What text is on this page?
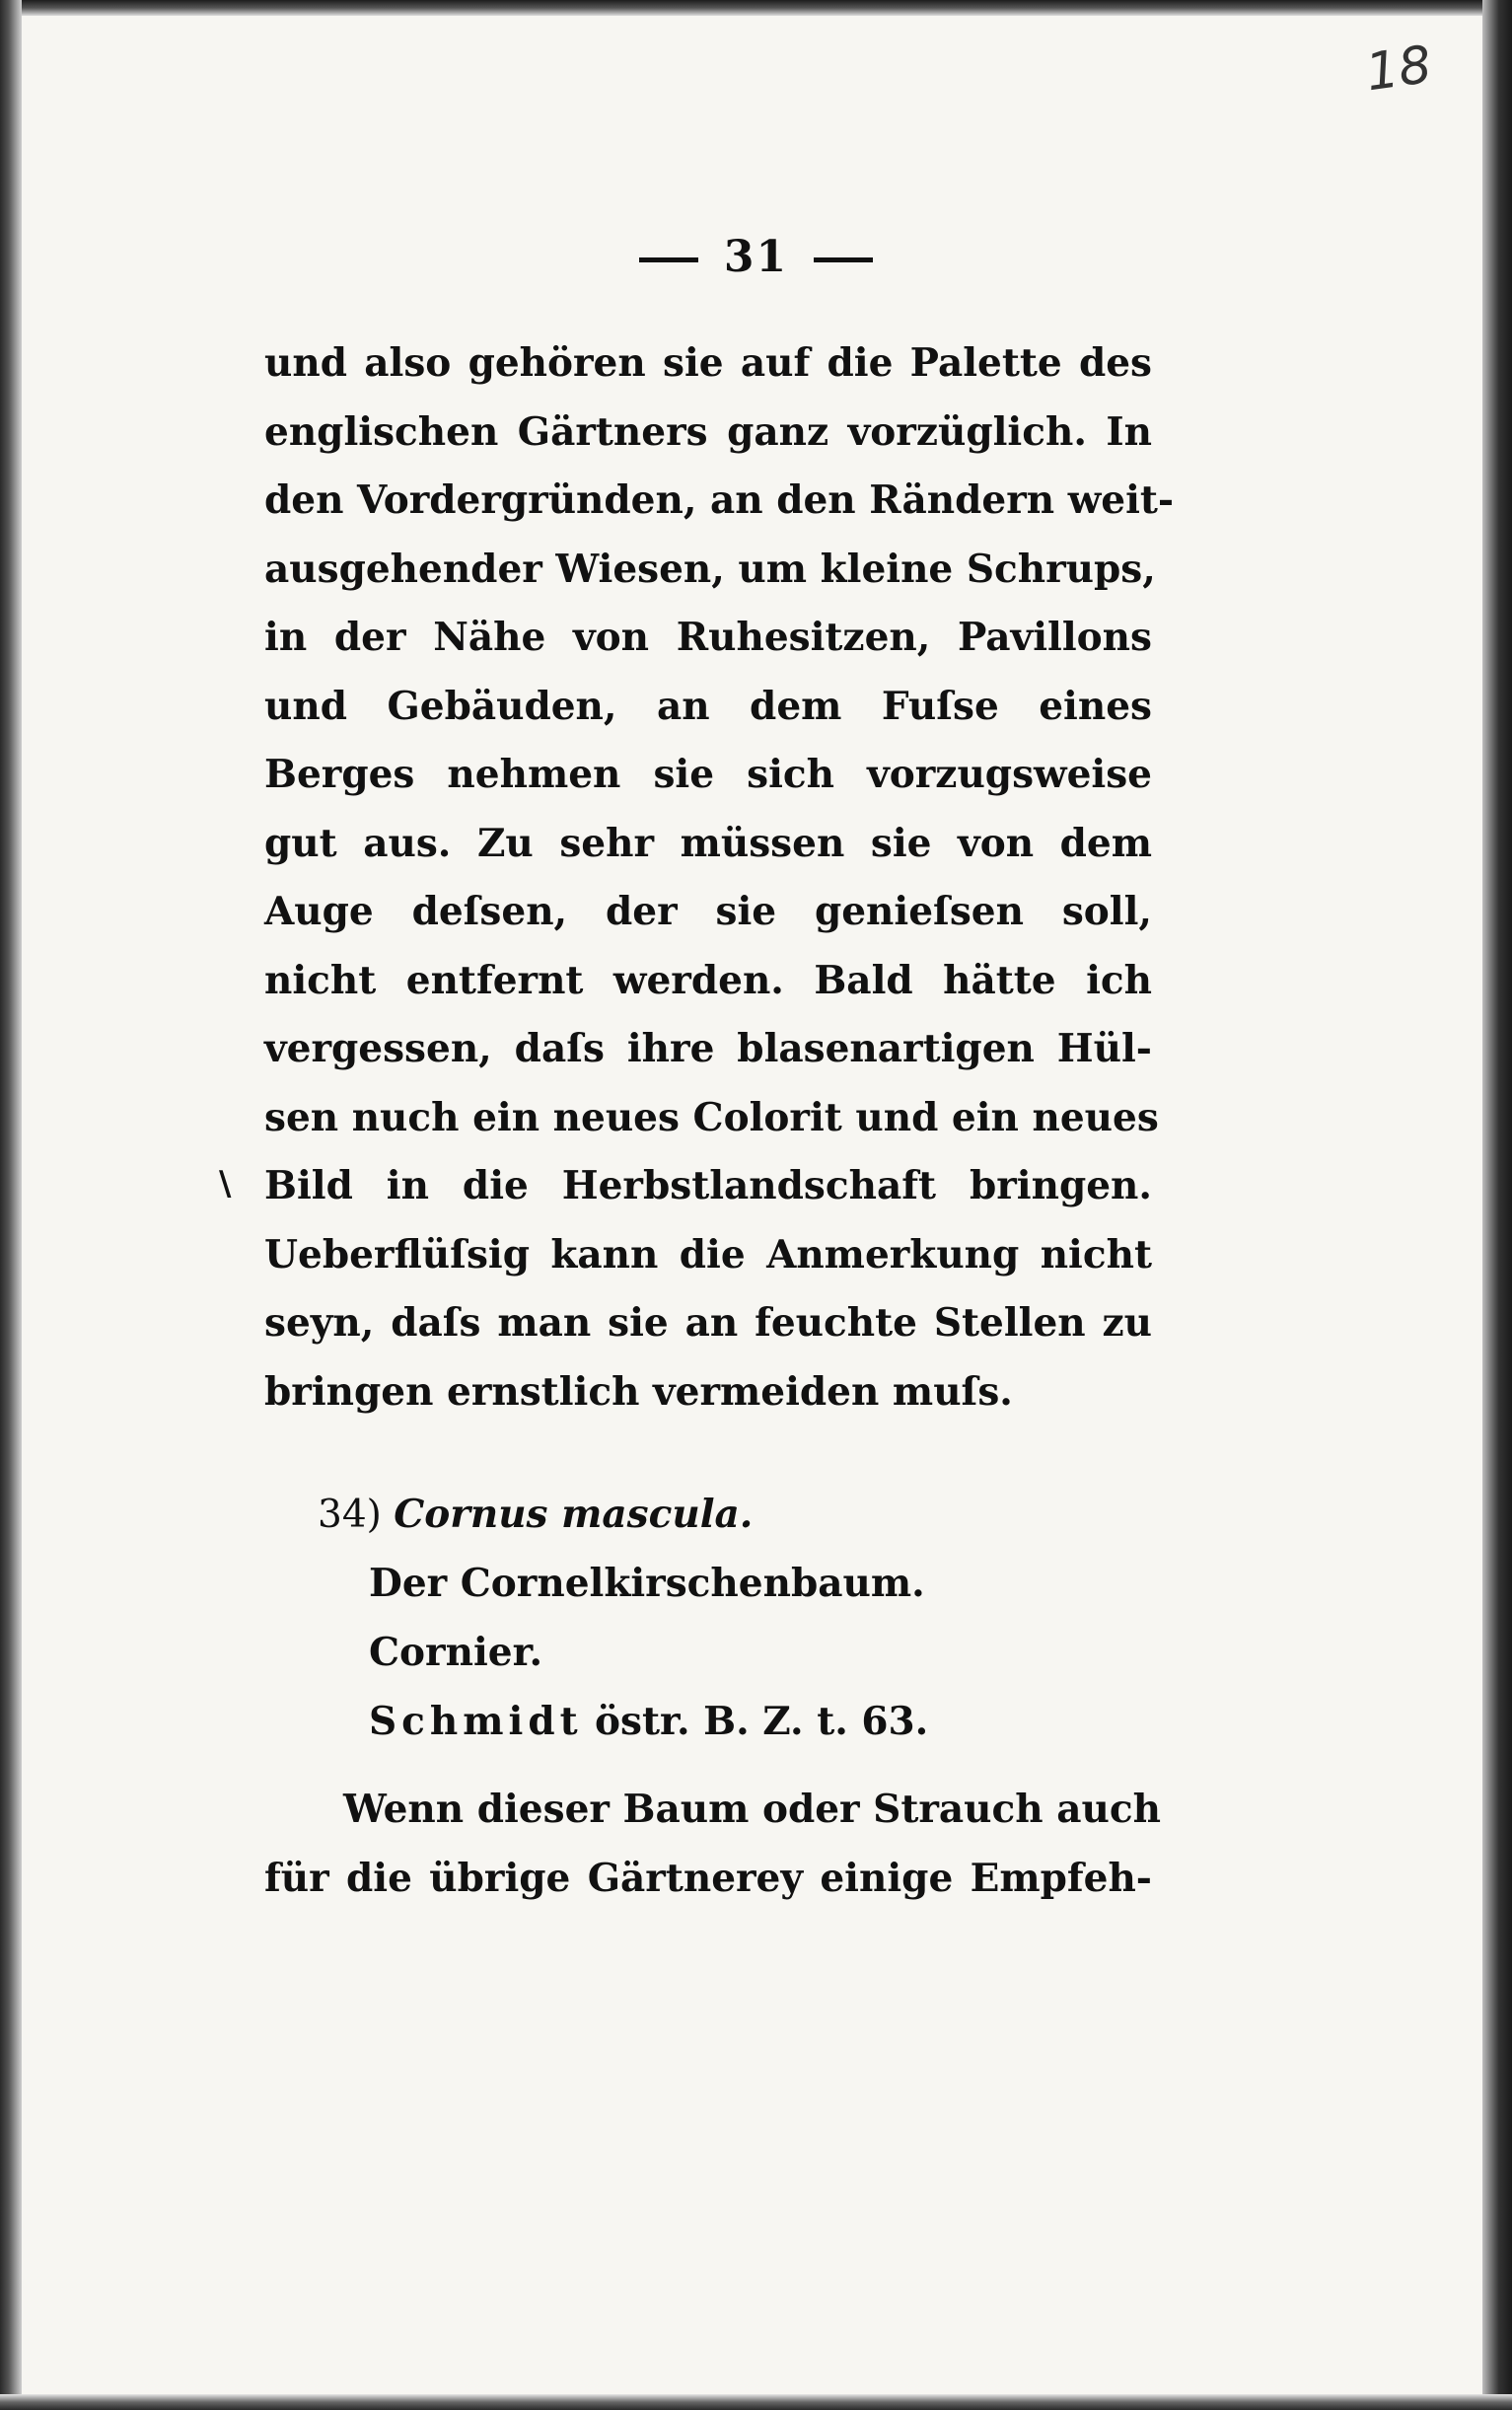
18
31
\
und also gehören sie auf die Palette des
englischen Gärtners ganz vorzüglich. In
den Vordergründen, an den Rändern weit-
ausgehender Wiesen, um kleine Schrups,
in der Nähe von Ruhesitzen, Pavillons
und Gebäuden, an dem Fuſse eines
Berges nehmen sie sich vorzugsweise
gut aus. Zu sehr müssen sie von dem
Auge deſsen, der sie genieſsen soll,
nicht entfernt werden. Bald hätte ich
vergessen, daſs ihre blasenartigen Hül-
sen nuch ein neues Colorit und ein neues
Bild in die Herbstlandschaft bringen.
Ueberflüſsig kann die Anmerkung nicht
seyn, daſs man sie an feuchte Stellen zu
bringen ernstlich vermeiden muſs.
34) Cornus mascula.
Der Cornelkirschenbaum.
Cornier.
Schmidt östr. B. Z. t. 63.
Wenn dieser Baum oder Strauch auch
für die übrige Gärtnerey einige Empfeh-
